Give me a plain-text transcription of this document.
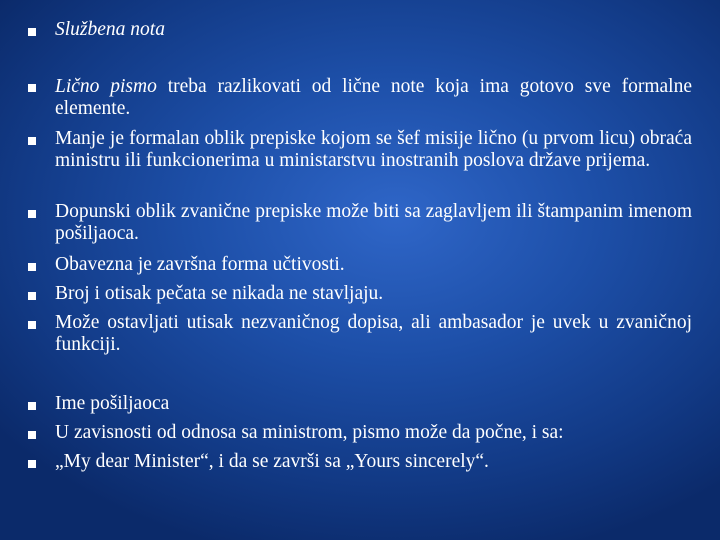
Službena nota
Lično pismo treba razlikovati od lične note koja ima gotovo sve formalne elemente.
Manje je formalan oblik prepiske kojom se šef misije lično (u prvom licu) obraća ministru ili funkcionerima u ministarstvu inostranih poslova države prijema.
Dopunski oblik zvanične prepiske može biti sa zaglavljem ili štampanim imenom pošiljaoca.
Obavezna je završna forma učtivosti.
Broj i otisak pečata se nikada ne stavljaju.
Može ostavljati utisak nezvaničnog dopisa, ali ambasador je uvek u zvaničnoj funkciji.
Ime pošiljaoca
U zavisnosti od odnosa sa ministrom, pismo može da počne, i sa:
„My dear Minister“, i da se završi sa „Yours sincerely“.
